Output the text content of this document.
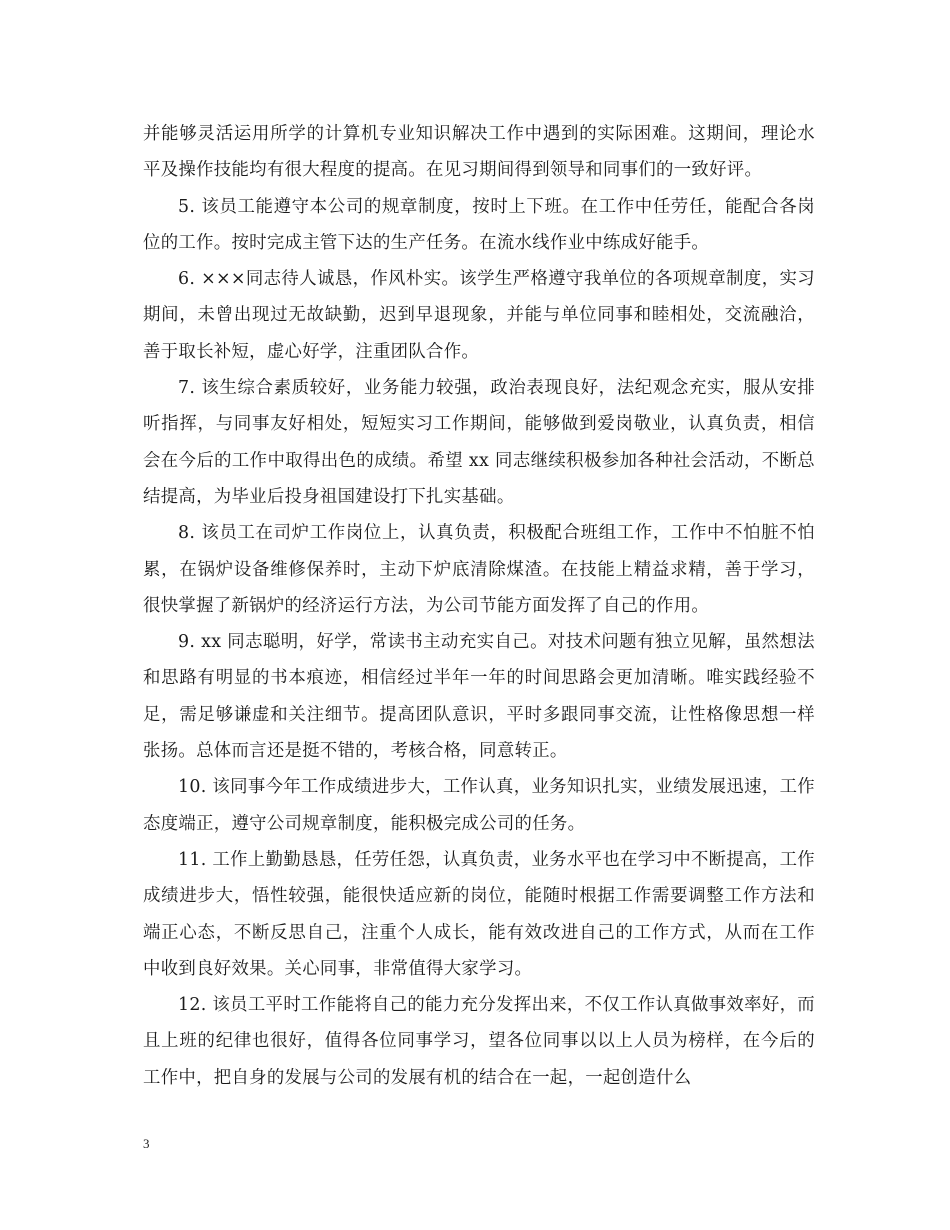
并能够灵活运用所学的计算机专业知识解决工作中遇到的实际困难。这期间，理论水平及操作技能均有很大程度的提高。在见习期间得到领导和同事们的一致好评。

5. 该员工能遵守本公司的规章制度，按时上下班。在工作中任劳任，能配合各岗位的工作。按时完成主管下达的生产任务。在流水线作业中练成好能手。

6. ×××同志待人诚恳，作风朴实。该学生严格遵守我单位的各项规章制度，实习期间，未曾出现过无故缺勤，迟到早退现象，并能与单位同事和睦相处，交流融洽，善于取长补短，虚心好学，注重团队合作。

7. 该生综合素质较好，业务能力较强，政治表现良好，法纪观念充实，服从安排听指挥，与同事友好相处，短短实习工作期间，能够做到爱岗敬业，认真负责，相信会在今后的工作中取得出色的成绩。希望 xx 同志继续积极参加各种社会活动，不断总结提高，为毕业后投身祖国建设打下扎实基础。

8. 该员工在司炉工作岗位上，认真负责，积极配合班组工作，工作中不怕脏不怕累，在锅炉设备维修保养时，主动下炉底清除煤渣。在技能上精益求精，善于学习，很快掌握了新锅炉的经济运行方法，为公司节能方面发挥了自己的作用。

9. xx 同志聪明，好学，常读书主动充实自己。对技术问题有独立见解，虽然想法和思路有明显的书本痕迹，相信经过半年一年的时间思路会更加清晰。唯实践经验不足，需足够谦虚和关注细节。提高团队意识，平时多跟同事交流，让性格像思想一样张扬。总体而言还是挺不错的，考核合格，同意转正。

10. 该同事今年工作成绩进步大，工作认真，业务知识扎实，业绩发展迅速，工作态度端正，遵守公司规章制度，能积极完成公司的任务。

11. 工作上勤勤恳恳，任劳任怨，认真负责，业务水平也在学习中不断提高，工作成绩进步大，悟性较强，能很快适应新的岗位，能随时根据工作需要调整工作方法和端正心态，不断反思自己，注重个人成长，能有效改进自己的工作方式，从而在工作中收到良好效果。关心同事，非常值得大家学习。

12. 该员工平时工作能将自己的能力充分发挥出来，不仅工作认真做事效率好，而且上班的纪律也很好，值得各位同事学习，望各位同事以以上人员为榜样，在今后的工作中，把自身的发展与公司的发展有机的结合在一起，一起创造什么

3
